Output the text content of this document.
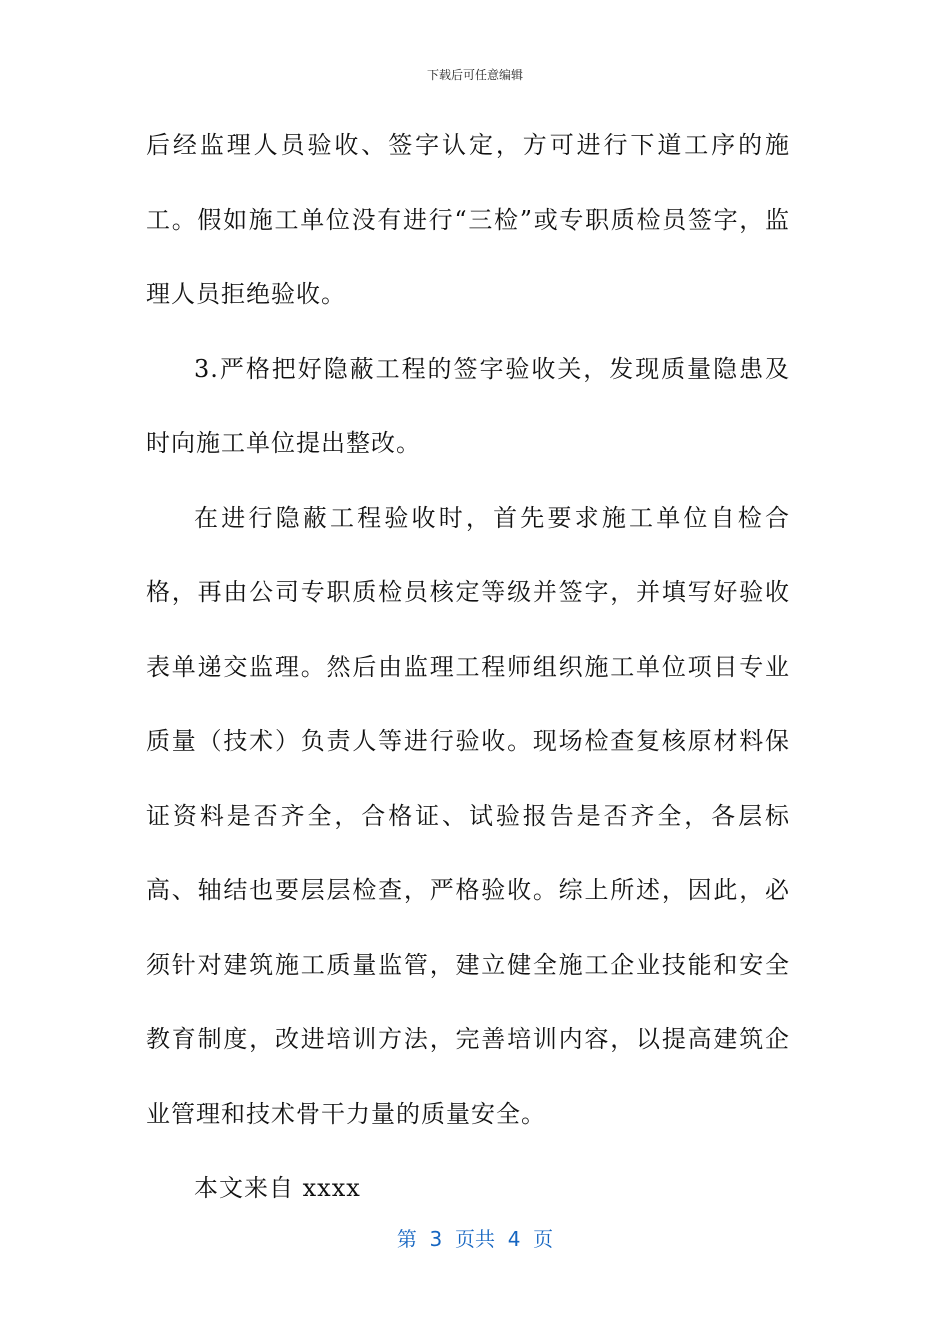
下载后可任意编辑

后经监理人员验收、签字认定，方可进行下道工序的施工。假如施工单位没有进行“三检”或专职质检员签字，监理人员拒绝验收。

3.严格把好隐蔽工程的签字验收关，发现质量隐患及时向施工单位提出整改。

在进行隐蔽工程验收时，首先要求施工单位自检合格，再由公司专职质检员核定等级并签字，并填写好验收表单递交监理。然后由监理工程师组织施工单位项目专业质量（技术）负责人等进行验收。现场检查复核原材料保证资料是否齐全，合格证、试验报告是否齐全，各层标高、轴结也要层层检查，严格验收。综上所述，因此，必须针对建筑施工质量监管，建立健全施工企业技能和安全教育制度，改进培训方法，完善培训内容，以提高建筑企业管理和技术骨干力量的质量安全。

本文来自 xxxx

第  3  页共  4  页
